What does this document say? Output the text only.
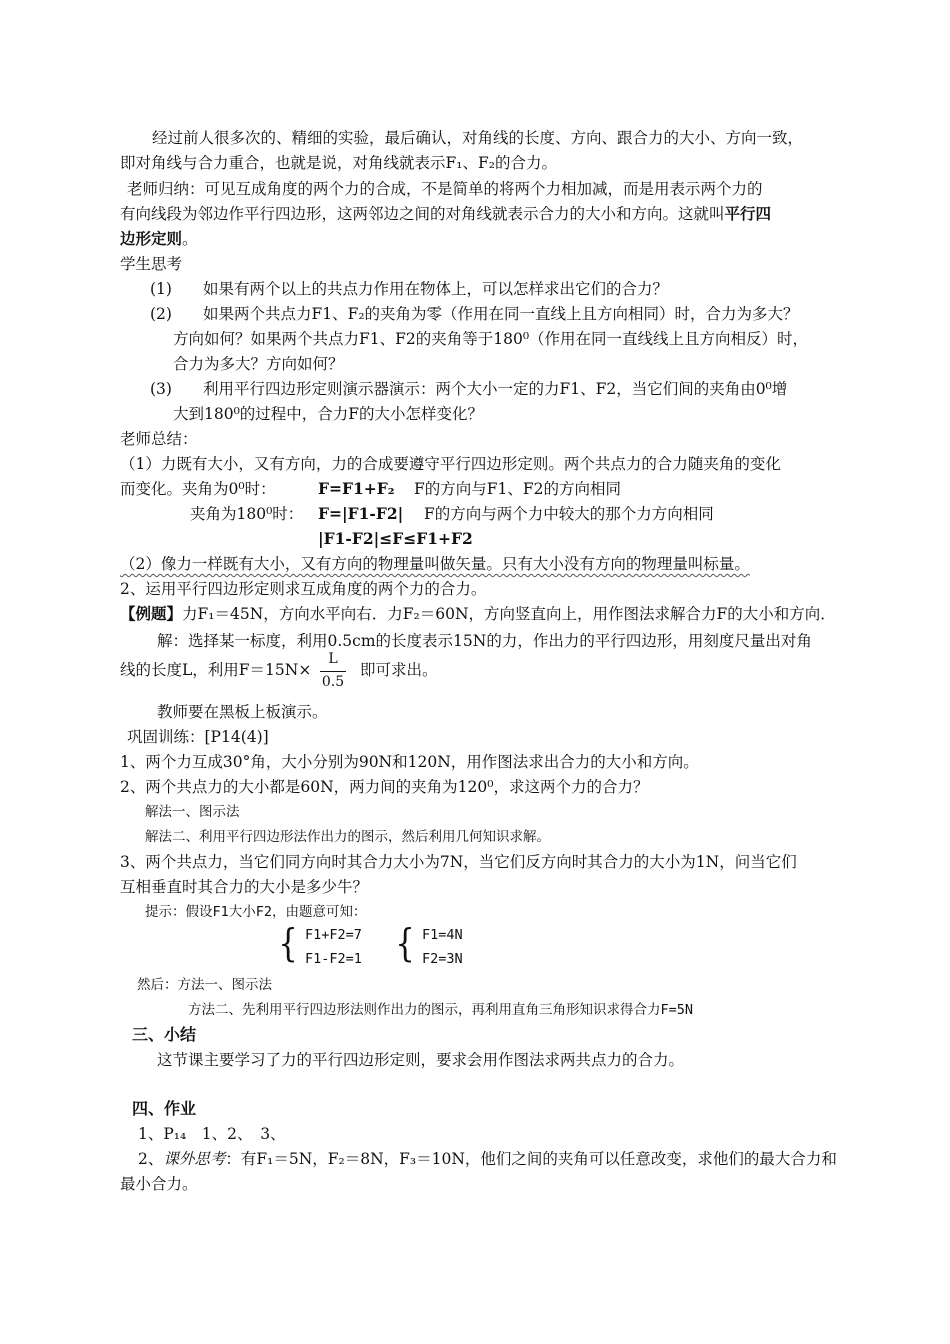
经过前人很多次的、精细的实验，最后确认，对角线的长度、方向、跟合力的大小、方向一致，
即对角线与合力重合，也就是说，对角线就表示F₁、F₂的合力。
老师归纳：可见互成角度的两个力的合成，不是简单的将两个力相加减，而是用表示两个力的
有向线段为邻边作平行四边形，这两邻边之间的对角线就表示合力的大小和方向。这就叫平行四
边形定则。
学生思考
(1)　　如果有两个以上的共点力作用在物体上，可以怎样求出它们的合力？
(2)　　如果两个共点力F1、F₂的夹角为零（作用在同一直线上且方向相同）时，合力为多大？
方向如何？如果两个共点力F1、F2的夹角等于180⁰（作用在同一直线线上且方向相反）时，
合力为多大？方向如何？
(3)　　利用平行四边形定则演示器演示：两个大小一定的力F1、F2，当它们间的夹角由0⁰增
大到180⁰的过程中，合力F的大小怎样变化？
老师总结：
（1）力既有大小，又有方向，力的合成要遵守平行四边形定则。两个共点力的合力随夹角的变化
而变化。夹角为0⁰时：	F=F1+F₂ F的方向与F1、F2的方向相同
夹角为180⁰时： F=|F1-F2| F的方向与两个力中较大的那个力方向相同
|F1-F2|≤F≤F1+F2
（2）像力一样既有大小，又有方向的物理量叫做矢量。只有大小没有方向的物理量叫标量。
2、运用平行四边形定则求互成角度的两个力的合力。
【例题】力F₁＝45N，方向水平向右．力F₂＝60N，方向竖直向上，用作图法求解合力F的大小和方向．
解：选择某一标度，利用0.5cm的长度表示15N的力，作出力的平行四边形，用刻度尺量出对角
线的长度L，利用F＝15N×
L
0.5
即可求出。
教师要在黑板上板演示。
巩固训练：[P14(4)]
1、两个力互成30°角，大小分别为90N和120N，用作图法求出合力的大小和方向。
2、两个共点力的大小都是60N，两力间的夹角为120⁰，求这两个力的合力？
解法一、图示法
解法二、利用平行四边形法作出力的图示，然后利用几何知识求解。
3、两个共点力，当它们同方向时其合力大小为7N，当它们反方向时其合力的大小为1N，问当它们
互相垂直时其合力的大小是多少牛？
提示：假设F1大小F2，由题意可知：
{ F1+F2=7
F1-F2=1 { F1=4N
F2=3N
然后：方法一、图示法
方法二、先利用平行四边形法则作出力的图示，再利用直角三角形知识求得合力F=5N
三、小结
这节课主要学习了力的平行四边形定则，要求会用作图法求两共点力的合力。
四、作业
1、P₁₄　1、2、　3、
2、课外思考：有F₁＝5N，F₂＝8N，F₃＝10N，他们之间的夹角可以任意改变，求他们的最大合力和
最小合力。
